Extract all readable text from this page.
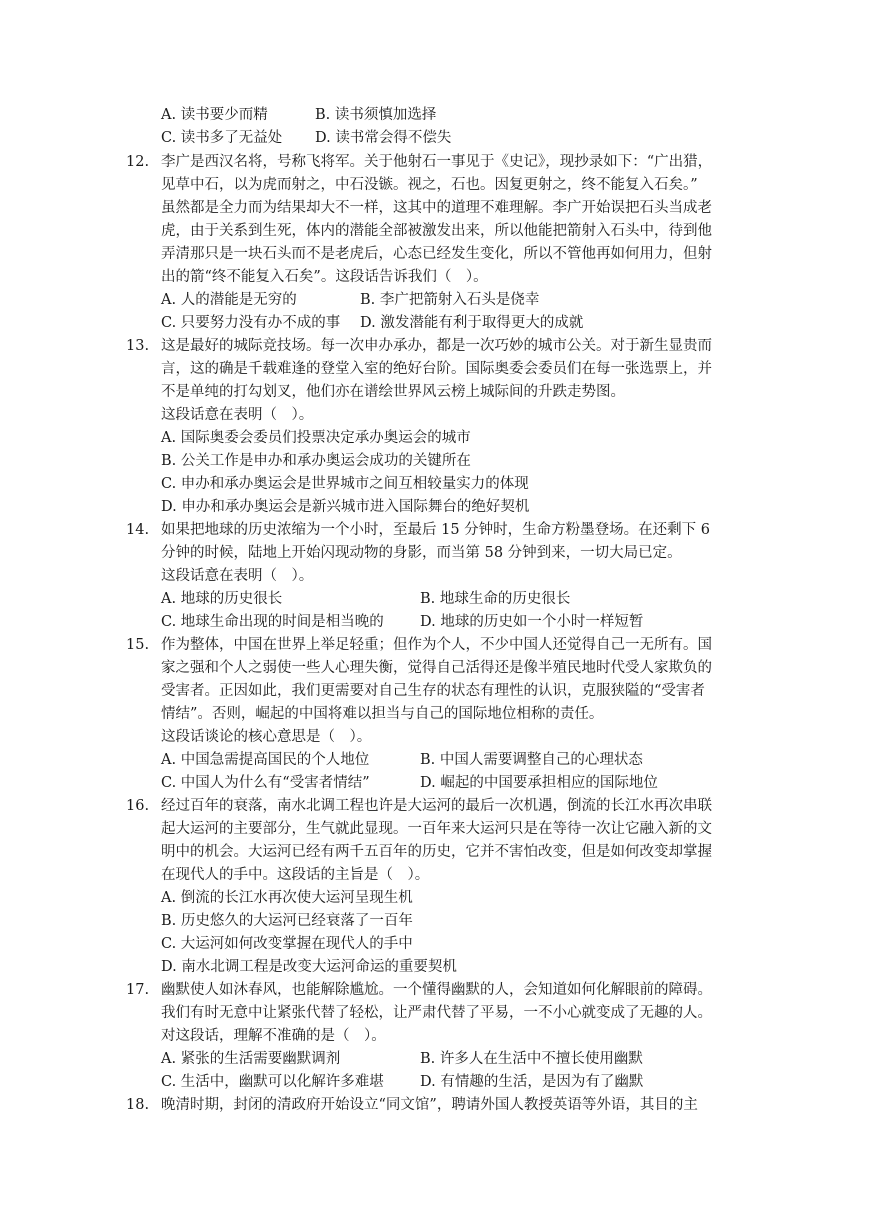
A. 读书要少而精	B. 读书须慎加选择
C. 读书多了无益处 D. 读书常会得不偿失
12. 李广是西汉名将，号称飞将军。关于他射石一事见于《史记》，现抄录如下：“广出猎，
见草中石，以为虎而射之，中石没镞。视之，石也。因复更射之，终不能复入石矣。”
虽然都是全力而为结果却大不一样，这其中的道理不难理解。李广开始误把石头当成老
虎，由于关系到生死，体内的潜能全部被激发出来，所以他能把箭射入石头中，待到他
弄清那只是一块石头而不是老虎后，心态已经发生变化，所以不管他再如何用力，但射
出的箭“终不能复入石矣”。这段话告诉我们（　）。
A. 人的潜能是无穷的	B. 李广把箭射入石头是侥幸
C. 只要努力没有办不成的事 D. 激发潜能有利于取得更大的成就
13. 这是最好的城际竞技场。每一次申办承办，都是一次巧妙的城市公关。对于新生显贵而
言，这的确是千载难逢的登堂入室的绝好台阶。国际奥委会委员们在每一张选票上，并
不是单纯的打勾划叉，他们亦在谱绘世界风云榜上城际间的升跌走势图。
这段话意在表明（　）。
A. 国际奥委会委员们投票决定承办奥运会的城市
B. 公关工作是申办和承办奥运会成功的关键所在
C. 申办和承办奥运会是世界城市之间互相较量实力的体现
D. 申办和承办奥运会是新兴城市进入国际舞台的绝好契机
14. 如果把地球的历史浓缩为一个小时，至最后 15 分钟时，生命方粉墨登场。在还剩下 6
分钟的时候，陆地上开始闪现动物的身影，而当第 58 分钟到来，一切大局已定。
这段话意在表明（　）。
A. 地球的历史很长	B. 地球生命的历史很长
C. 地球生命出现的时间是相当晚的 D. 地球的历史如一个小时一样短暂
15. 作为整体，中国在世界上举足轻重；但作为个人，不少中国人还觉得自己一无所有。国
家之强和个人之弱使一些人心理失衡，觉得自己活得还是像半殖民地时代受人家欺负的
受害者。正因如此，我们更需要对自己生存的状态有理性的认识，克服狭隘的“受害者
情结”。否则，崛起的中国将难以担当与自己的国际地位相称的责任。
这段话谈论的核心意思是（　）。
A. 中国急需提高国民的个人地位	B. 中国人需要调整自己的心理状态
C. 中国人为什么有“受害者情结”	D. 崛起的中国要承担相应的国际地位
16. 经过百年的衰落，南水北调工程也许是大运河的最后一次机遇，倒流的长江水再次串联
起大运河的主要部分，生气就此显现。一百年来大运河只是在等待一次让它融入新的文
明中的机会。大运河已经有两千五百年的历史，它并不害怕改变，但是如何改变却掌握
在现代人的手中。这段话的主旨是（　）。
A. 倒流的长江水再次使大运河呈现生机
B. 历史悠久的大运河已经衰落了一百年
C. 大运河如何改变掌握在现代人的手中
D. 南水北调工程是改变大运河命运的重要契机
17. 幽默使人如沐春风，也能解除尴尬。一个懂得幽默的人，会知道如何化解眼前的障碍。
我们有时无意中让紧张代替了轻松，让严肃代替了平易，一不小心就变成了无趣的人。
对这段话，理解不准确的是（　）。
A. 紧张的生活需要幽默调剂	B. 许多人在生活中不擅长使用幽默
C. 生活中，幽默可以化解许多难堪 D. 有情趣的生活，是因为有了幽默
18. 晚清时期，封闭的清政府开始设立“同文馆”，聘请外国人教授英语等外语，其目的主
